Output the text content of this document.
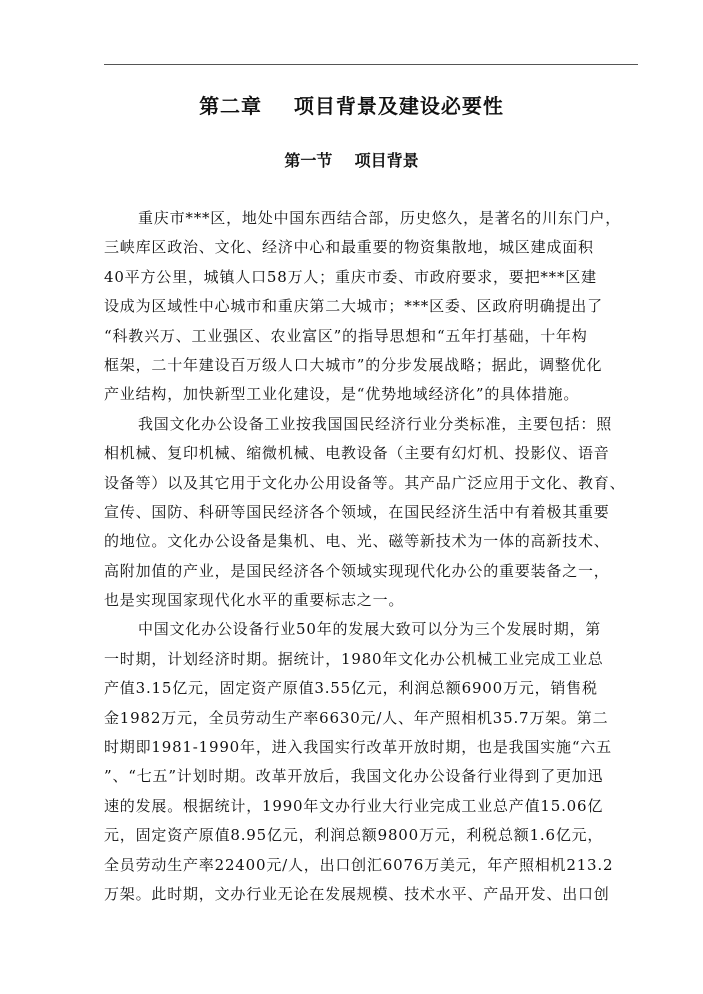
第二章    项目背景及建设必要性
第一节    项目背景
重庆市***区，地处中国东西结合部，历史悠久，是著名的川东门户，
三峡库区政治、文化、经济中心和最重要的物资集散地，城区建成面积
40平方公里，城镇人口58万人；重庆市委、市政府要求，要把***区建
设成为区域性中心城市和重庆第二大城市；***区委、区政府明确提出了
“科教兴万、工业强区、农业富区”的指导思想和“五年打基础，十年构
框架，二十年建设百万级人口大城市”的分步发展战略；据此，调整优化
产业结构，加快新型工业化建设，是“优势地域经济化”的具体措施。
我国文化办公设备工业按我国国民经济行业分类标准，主要包括：照
相机械、复印机械、缩微机械、电教设备（主要有幻灯机、投影仪、语音
设备等）以及其它用于文化办公用设备等。其产品广泛应用于文化、教育、
宣传、国防、科研等国民经济各个领域，在国民经济生活中有着极其重要
的地位。文化办公设备是集机、电、光、磁等新技术为一体的高新技术、
高附加值的产业，是国民经济各个领域实现现代化办公的重要装备之一，
也是实现国家现代化水平的重要标志之一。
中国文化办公设备行业50年的发展大致可以分为三个发展时期，第
一时期，计划经济时期。据统计，1980年文化办公机械工业完成工业总
产值3.15亿元，固定资产原值3.55亿元，利润总额6900万元，销售税
金1982万元，全员劳动生产率6630元/人、年产照相机35.7万架。第二
时期即1981-1990年，进入我国实行改革开放时期，也是我国实施“六五
”、“七五”计划时期。改革开放后，我国文化办公设备行业得到了更加迅
速的发展。根据统计，1990年文办行业大行业完成工业总产值15.06亿
元，固定资产原值8.95亿元，利润总额9800万元，利税总额1.6亿元，
全员劳动生产率22400元/人，出口创汇6076万美元，年产照相机213.2
万架。此时期，文办行业无论在发展规模、技术水平、产品开发、出口创
